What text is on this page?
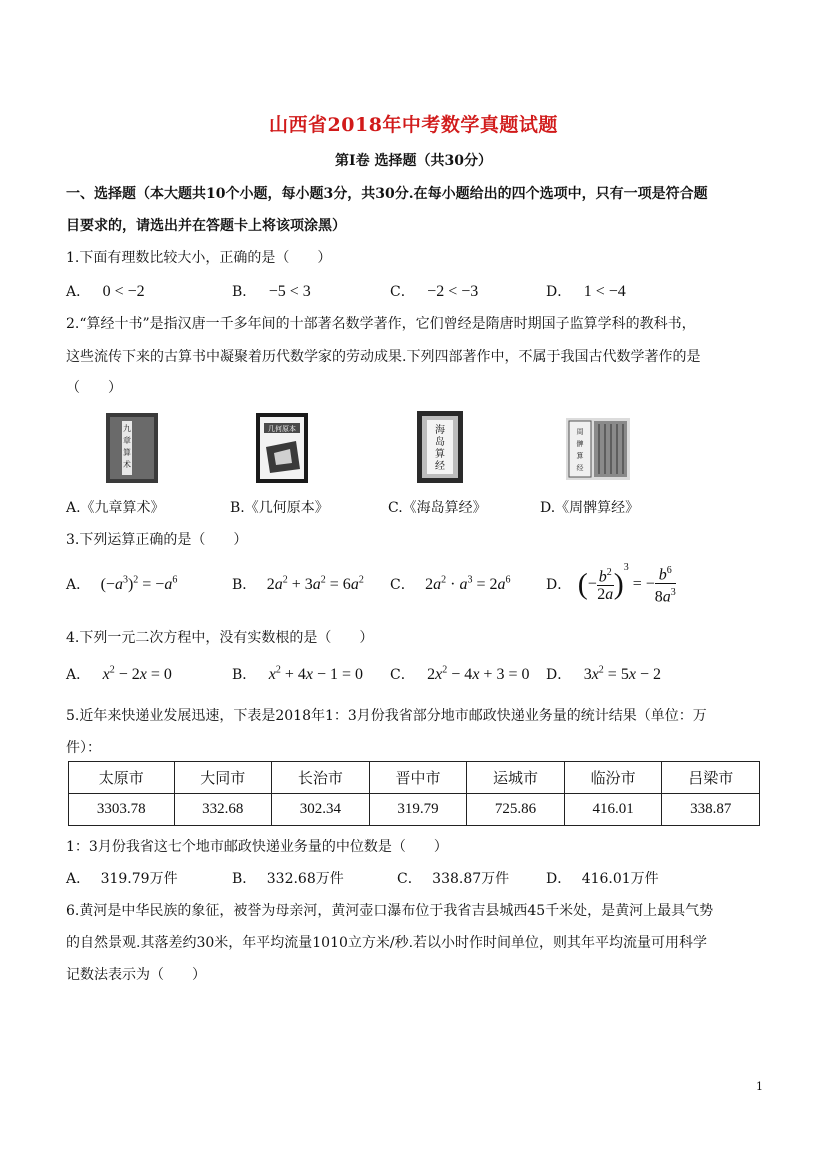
山西省2018年中考数学真题试题
第Ⅰ卷 选择题（共30分）
一、选择题（本大题共10个小题，每小题3分，共30分.在每小题给出的四个选项中，只有一项是符合题
目要求的，请选出并在答题卡上将该项涂黑）
1.下面有理数比较大小，正确的是（　　）
A． 0 < −2	B． −5 < 3	C． −2 < −3	D． 1 < −4
2.“算经十书”是指汉唐一千多年间的十部著名数学著作，它们曾经是隋唐时期国子监算学科的教科书，
这些流传下来的古算书中凝聚着历代数学家的劳动成果.下列四部著作中，不属于我国古代数学著作的是
（　　）
九
章
算
术
几何原本	海
岛
算
经
周
髀
算
经
A.《九章算术》	B.《几何原本》	C.《海岛算经》	D.《周髀算经》
3.下列运算正确的是（　　）
A． $(-a^3)^2 = -a^6$	B． $2a^2 + 3a^2 = 6a^2$ C． $2a^2 \cdot a^3 = 2a^6$	D． (− $\frac{b^2}{2a} )^3$ = − $\frac{b^6}{8a^3}$
4.下列一元二次方程中，没有实数根的是（　　）
A． $x^2 - 2x = 0$	B． $x^2 + 4x - 1 = 0$ C． $2x^2 - 4x + 3 = 0$ D． $3x^2 = 5x - 2$
5.近年来快递业发展迅速，下表是2018年1：3月份我省部分地市邮政快递业务量的统计结果（单位：万
件）：
太原市	大同市	长治市	晋中市	运城市	临汾市	吕梁市
3303.78	332.68	302.34	319.79	725.86	416.01	338.87
1：3月份我省这七个地市邮政快递业务量的中位数是（　　）
A． 319.79万件	B． 332.68万件	C． 338.87万件	D． 416.01万件
6.黄河是中华民族的象征，被誉为母亲河，黄河壶口瀑布位于我省吉县城西45千米处，是黄河上最具气势
的自然景观.其落差约30米，年平均流量1010立方米/秒.若以小时作时间单位，则其年平均流量可用科学
记数法表示为（　　）
1
